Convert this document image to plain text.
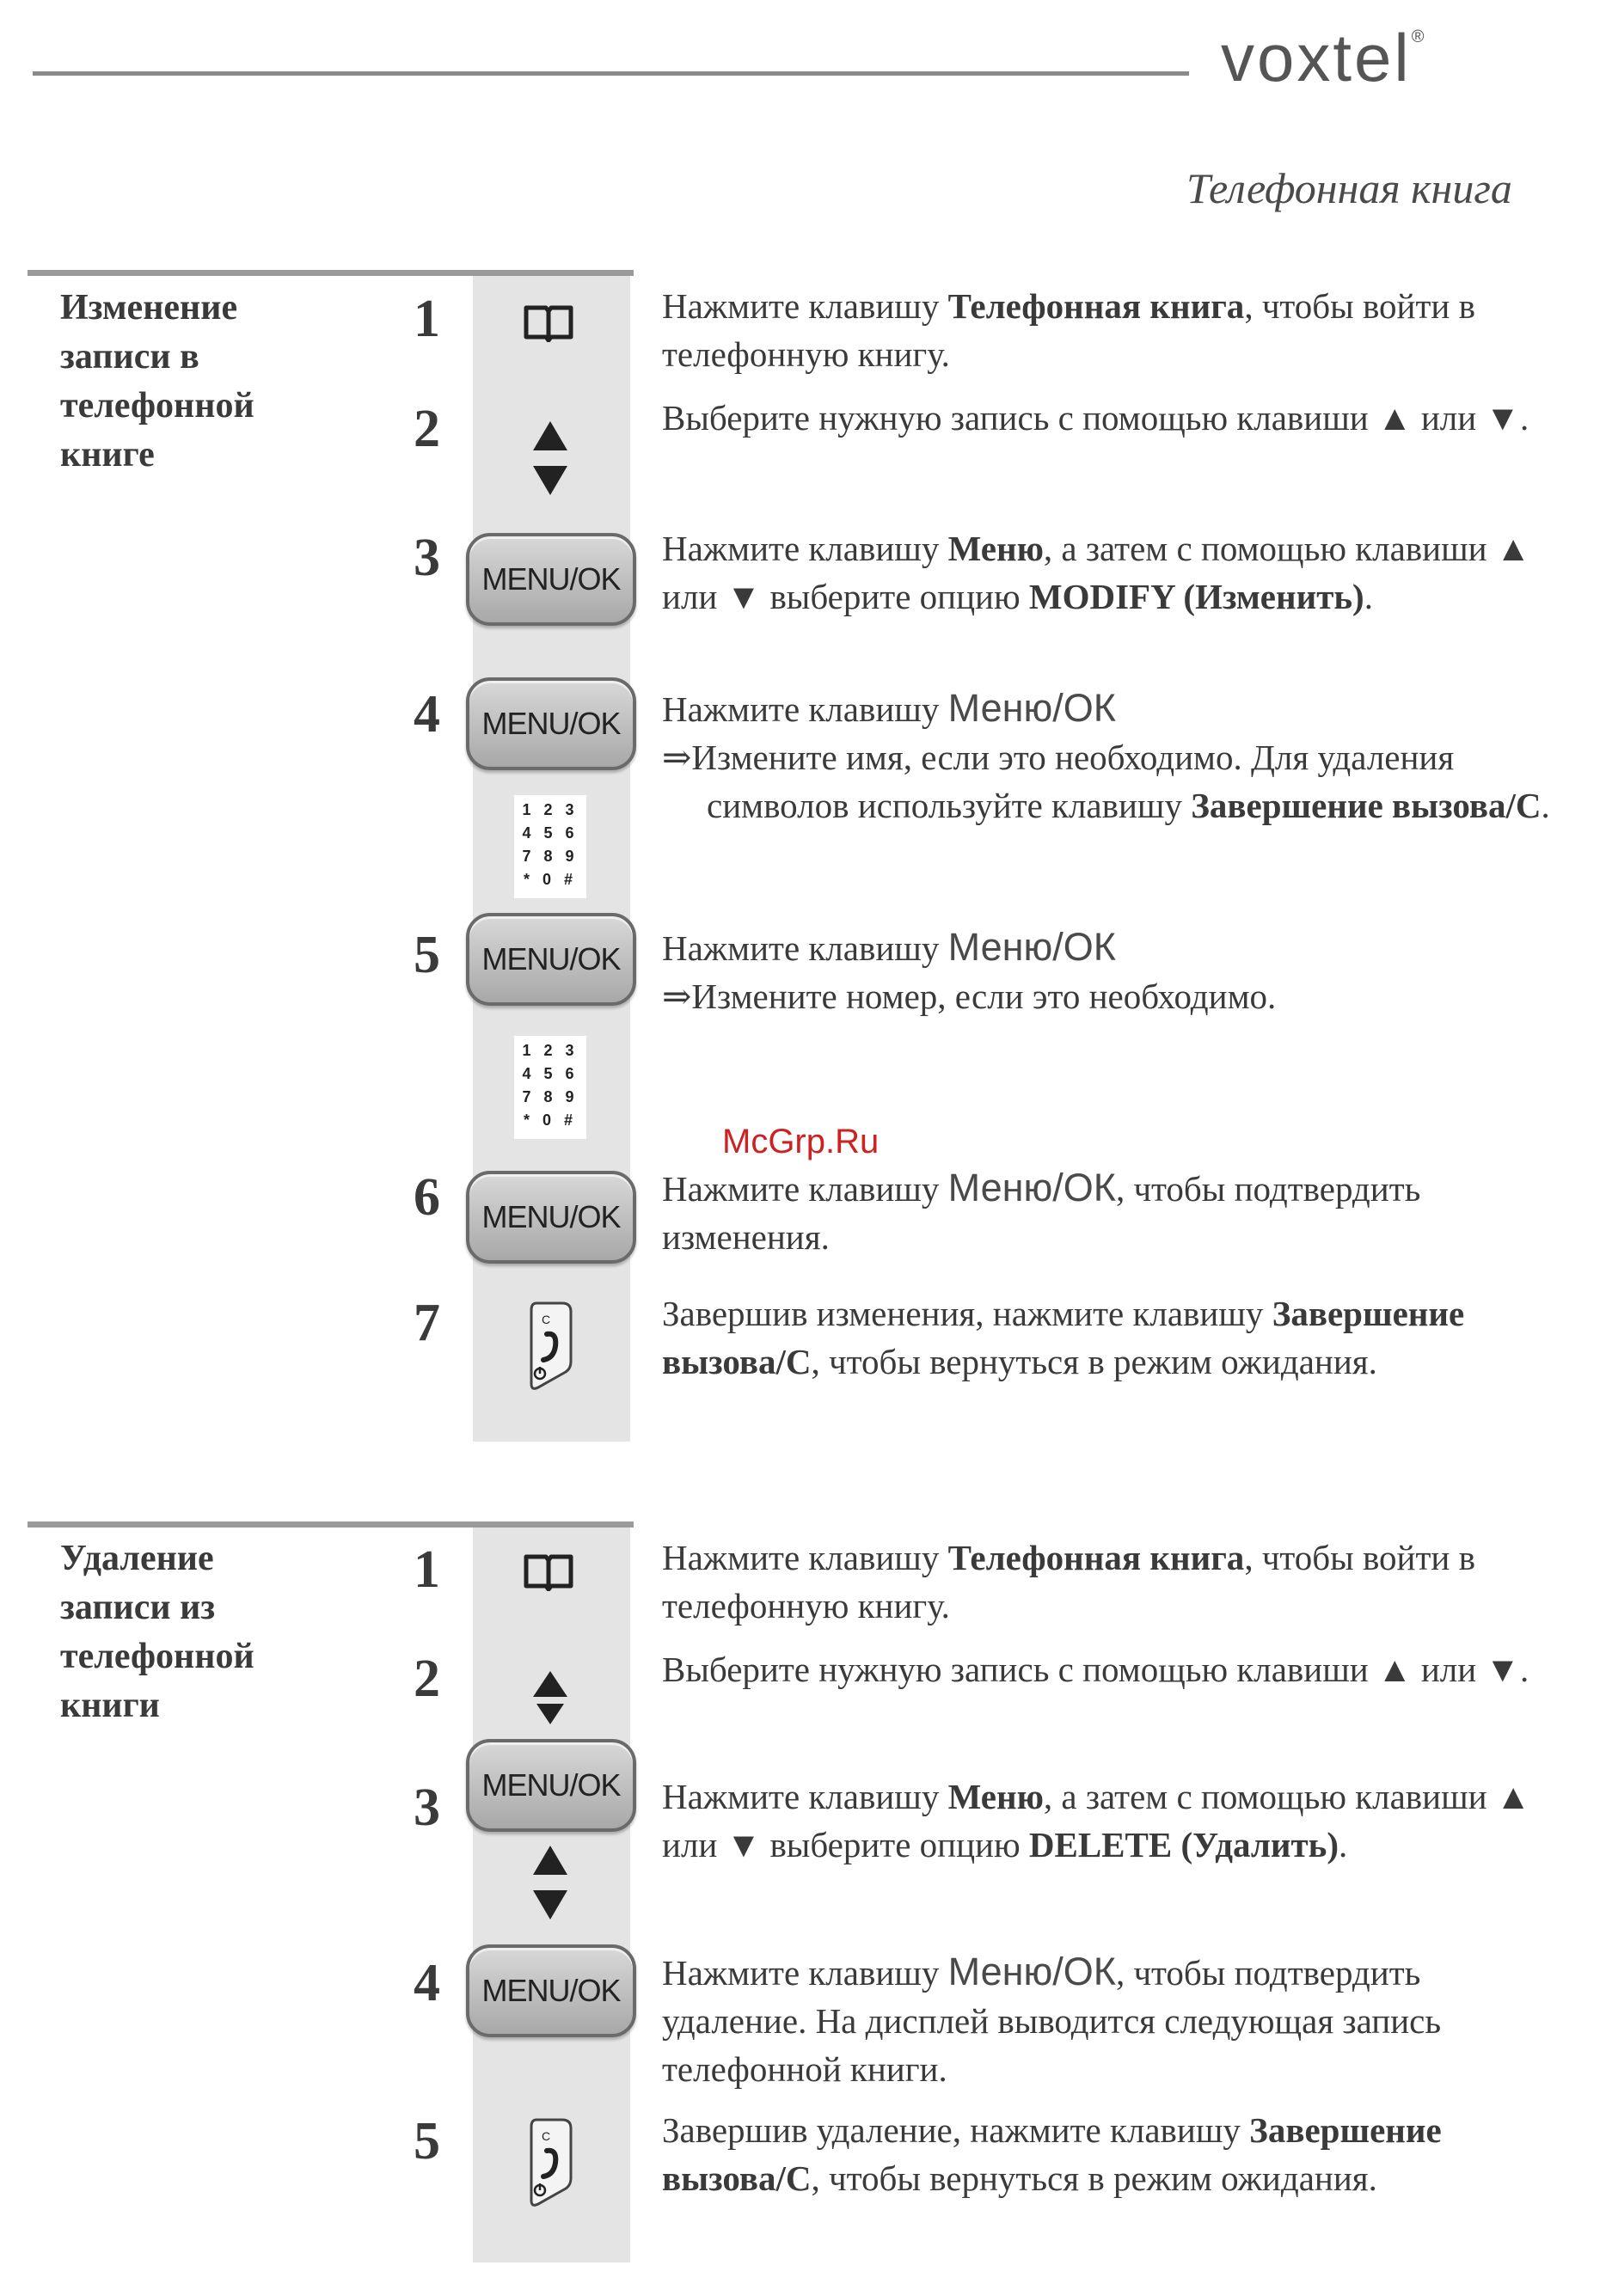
voxtel®
Телефонная книга
Изменение
записи в
телефонной
книге
1	Нажмите клавишу Телефонная книга, чтобы войти в телефонную книгу.
2	Выберите нужную запись с помощью клавиши ▲ или ▼.
3	MENU/OK
Нажмите клавишу Меню, а затем с помощью клавиши ▲ или ▼ выберите опцию MODIFY (Изменить).
4	MENU/OK
1 2 3
4 5 6
7 8 9
* 0 #
Нажмите клавишу Меню/ОК
⇒Измените имя, если это необходимо. Для удаления символов используйте клавишу Завершение вызова/С.
5	MENU/OK
1 2 3
4 5 6
7 8 9
* 0 #
Нажмите клавишу Меню/ОК
⇒Измените номер, если это необходимо.
6	MENU/OK
Нажмите клавишу Меню/ОК, чтобы подтвердить изменения.
7	C	Завершив изменения, нажмите клавишу Завершение вызова/С, чтобы вернуться в режим ожидания.
McGrp.Ru
Удаление
записи из
телефонной
книги
1	Нажмите клавишу Телефонная книга, чтобы войти в телефонную книгу.
2	Выберите нужную запись с помощью клавиши ▲ или ▼.
3	MENU/OK	Нажмите клавишу Меню, а затем с помощью клавиши ▲ или ▼ выберите опцию DELETE (Удалить).
4	MENU/OK	Нажмите клавишу Меню/ОК, чтобы подтвердить удаление. На дисплей выводится следующая запись телефонной книги.
5	C	Завершив удаление, нажмите клавишу Завершение вызова/С, чтобы вернуться в режим ожидания.
